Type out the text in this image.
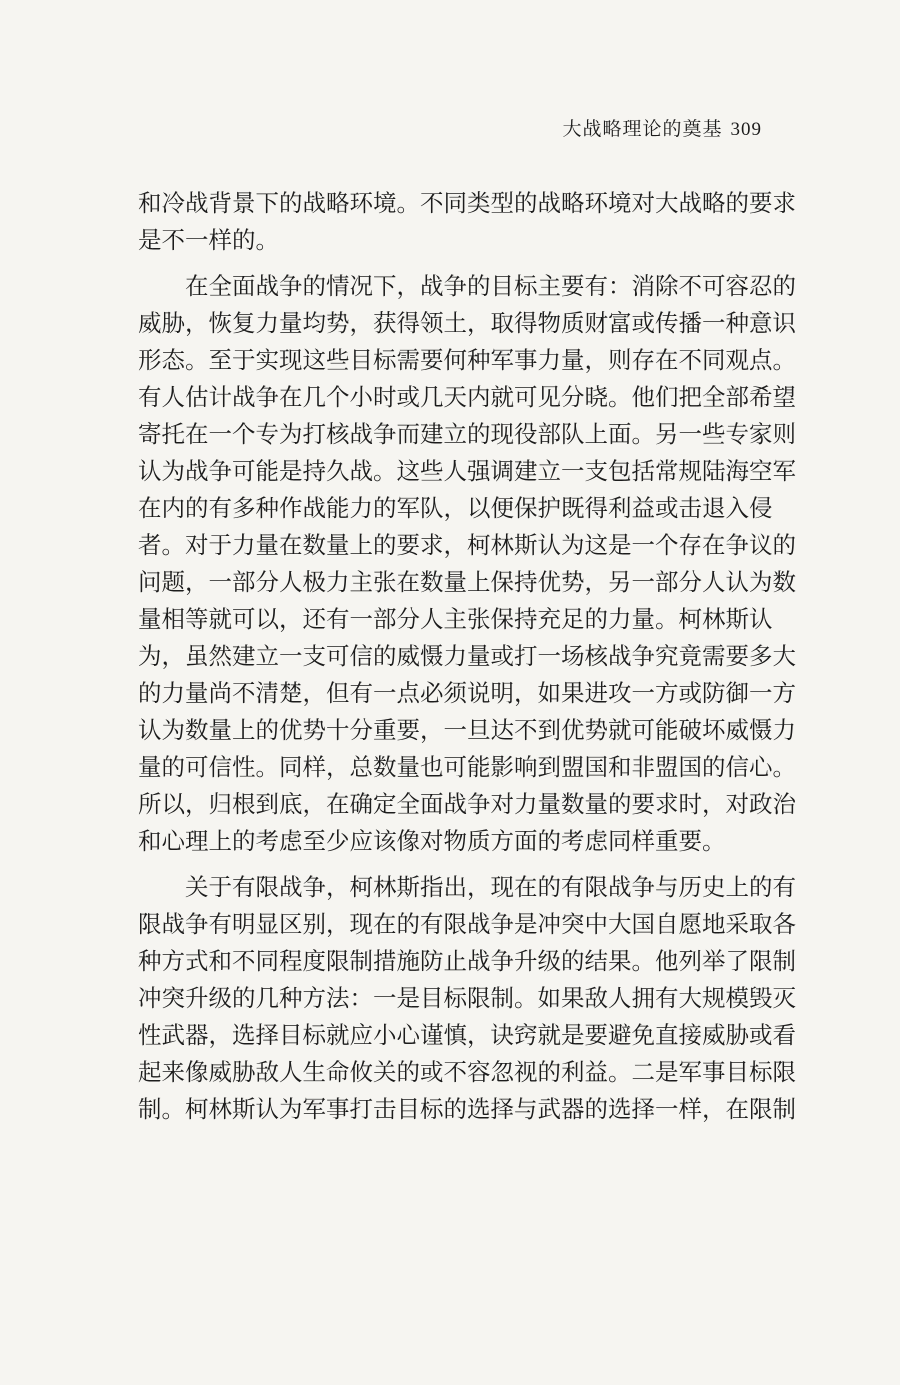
大战略理论的奠基 309
和冷战背景下的战略环境。不同类型的战略环境对大战略的要求
是不一样的。
在全面战争的情况下，战争的目标主要有：消除不可容忍的
威胁，恢复力量均势，获得领土，取得物质财富或传播一种意识
形态。至于实现这些目标需要何种军事力量，则存在不同观点。
有人估计战争在几个小时或几天内就可见分晓。他们把全部希望
寄托在一个专为打核战争而建立的现役部队上面。另一些专家则
认为战争可能是持久战。这些人强调建立一支包括常规陆海空军
在内的有多种作战能力的军队，以便保护既得利益或击退入侵
者。对于力量在数量上的要求，柯林斯认为这是一个存在争议的
问题，一部分人极力主张在数量上保持优势，另一部分人认为数
量相等就可以，还有一部分人主张保持充足的力量。柯林斯认
为，虽然建立一支可信的威慑力量或打一场核战争究竟需要多大
的力量尚不清楚，但有一点必须说明，如果进攻一方或防御一方
认为数量上的优势十分重要，一旦达不到优势就可能破坏威慑力
量的可信性。同样，总数量也可能影响到盟国和非盟国的信心。
所以，归根到底，在确定全面战争对力量数量的要求时，对政治
和心理上的考虑至少应该像对物质方面的考虑同样重要。
关于有限战争，柯林斯指出，现在的有限战争与历史上的有
限战争有明显区别，现在的有限战争是冲突中大国自愿地采取各
种方式和不同程度限制措施防止战争升级的结果。他列举了限制
冲突升级的几种方法：一是目标限制。如果敌人拥有大规模毁灭
性武器，选择目标就应小心谨慎，诀窍就是要避免直接威胁或看
起来像威胁敌人生命攸关的或不容忽视的利益。二是军事目标限
制。柯林斯认为军事打击目标的选择与武器的选择一样，在限制
